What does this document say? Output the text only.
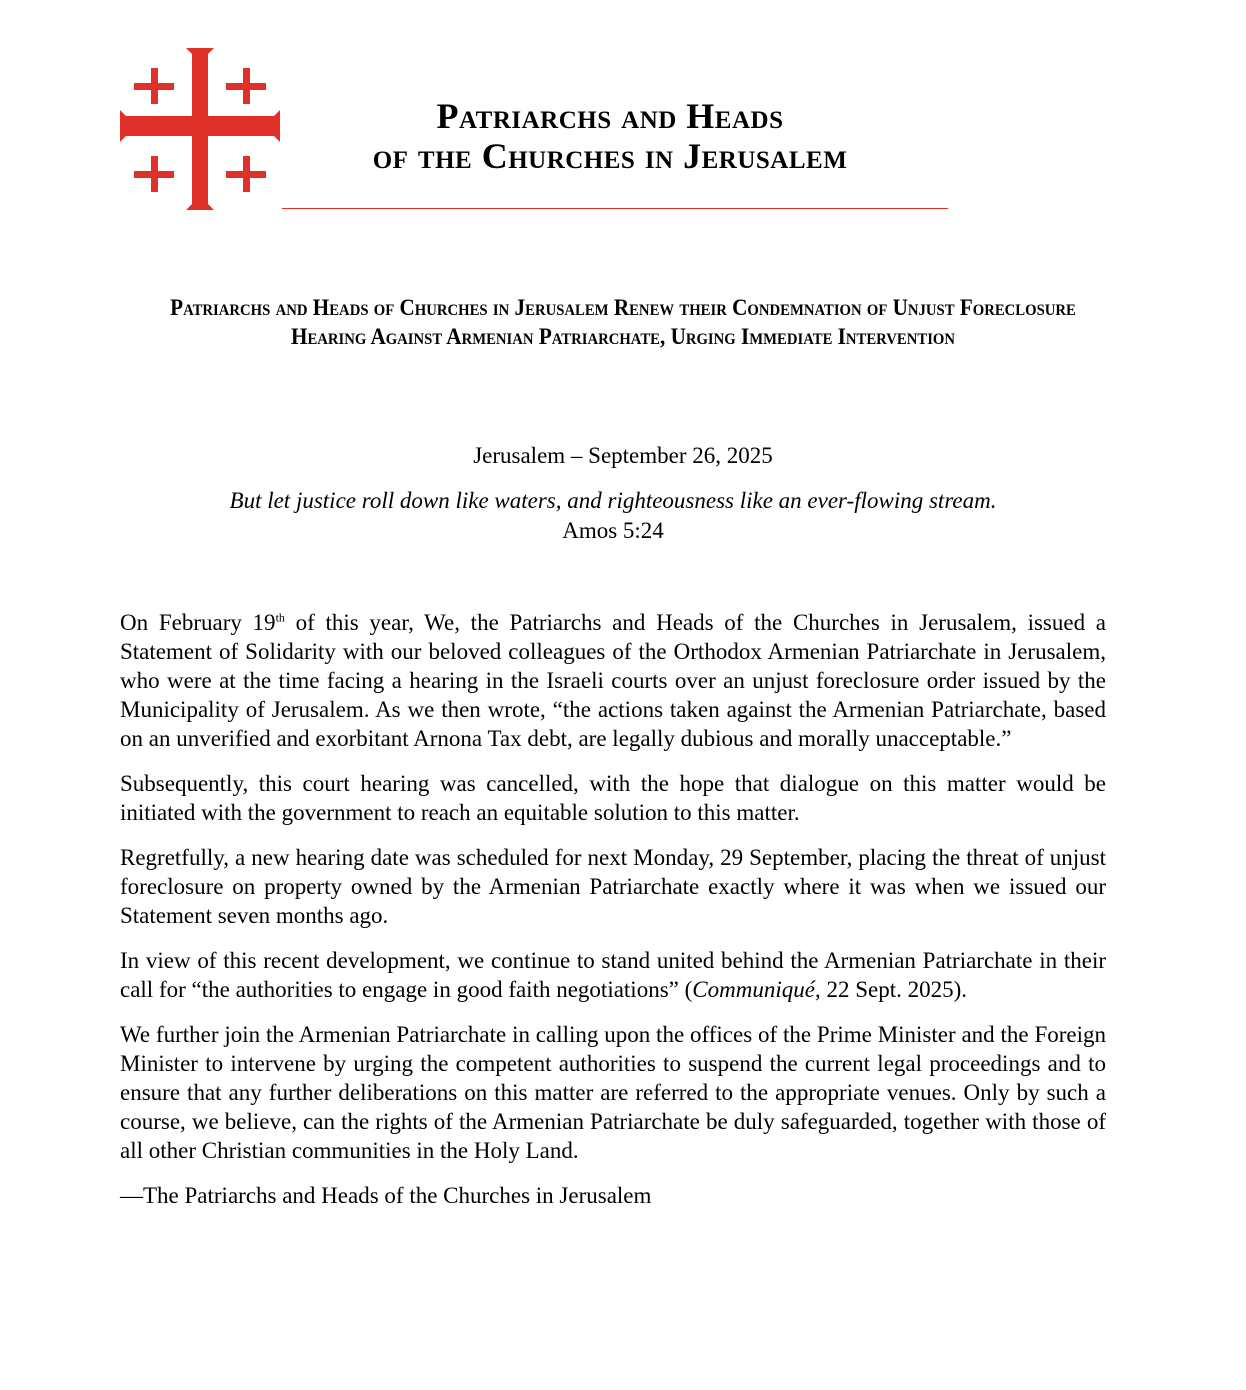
Patriarchs and Heads
of the Churches in Jerusalem
Patriarchs and Heads of Churches in Jerusalem Renew their Condemnation of Unjust Foreclosure Hearing Against Armenian Patriarchate, Urging Immediate Intervention
Jerusalem – September 26, 2025
But let justice roll down like waters, and righteousness like an ever-flowing stream.
Amos 5:24

On February 19th of this year, We, the Patriarchs and Heads of the Churches in Jerusalem, issued a Statement of Solidarity with our beloved colleagues of the Orthodox Armenian Patriarchate in Jerusalem, who were at the time facing a hearing in the Israeli courts over an unjust foreclosure order issued by the Municipality of Jerusalem. As we then wrote, “the actions taken against the Armenian Patriarchate, based on an unverified and exorbitant Arnona Tax debt, are legally dubious and morally unacceptable.”

Subsequently, this court hearing was cancelled, with the hope that dialogue on this matter would be initiated with the government to reach an equitable solution to this matter.

Regretfully, a new hearing date was scheduled for next Monday, 29 September, placing the threat of unjust foreclosure on property owned by the Armenian Patriarchate exactly where it was when we issued our Statement seven months ago.

In view of this recent development, we continue to stand united behind the Armenian Patriarchate in their call for “the authorities to engage in good faith negotiations” (Communiqué, 22 Sept. 2025).

We further join the Armenian Patriarchate in calling upon the offices of the Prime Minister and the Foreign Minister to intervene by urging the competent authorities to suspend the current legal proceedings and to ensure that any further deliberations on this matter are referred to the appropriate venues. Only by such a course, we believe, can the rights of the Armenian Patriarchate be duly safeguarded, together with those of all other Christian communities in the Holy Land.

—The Patriarchs and Heads of the Churches in Jerusalem
